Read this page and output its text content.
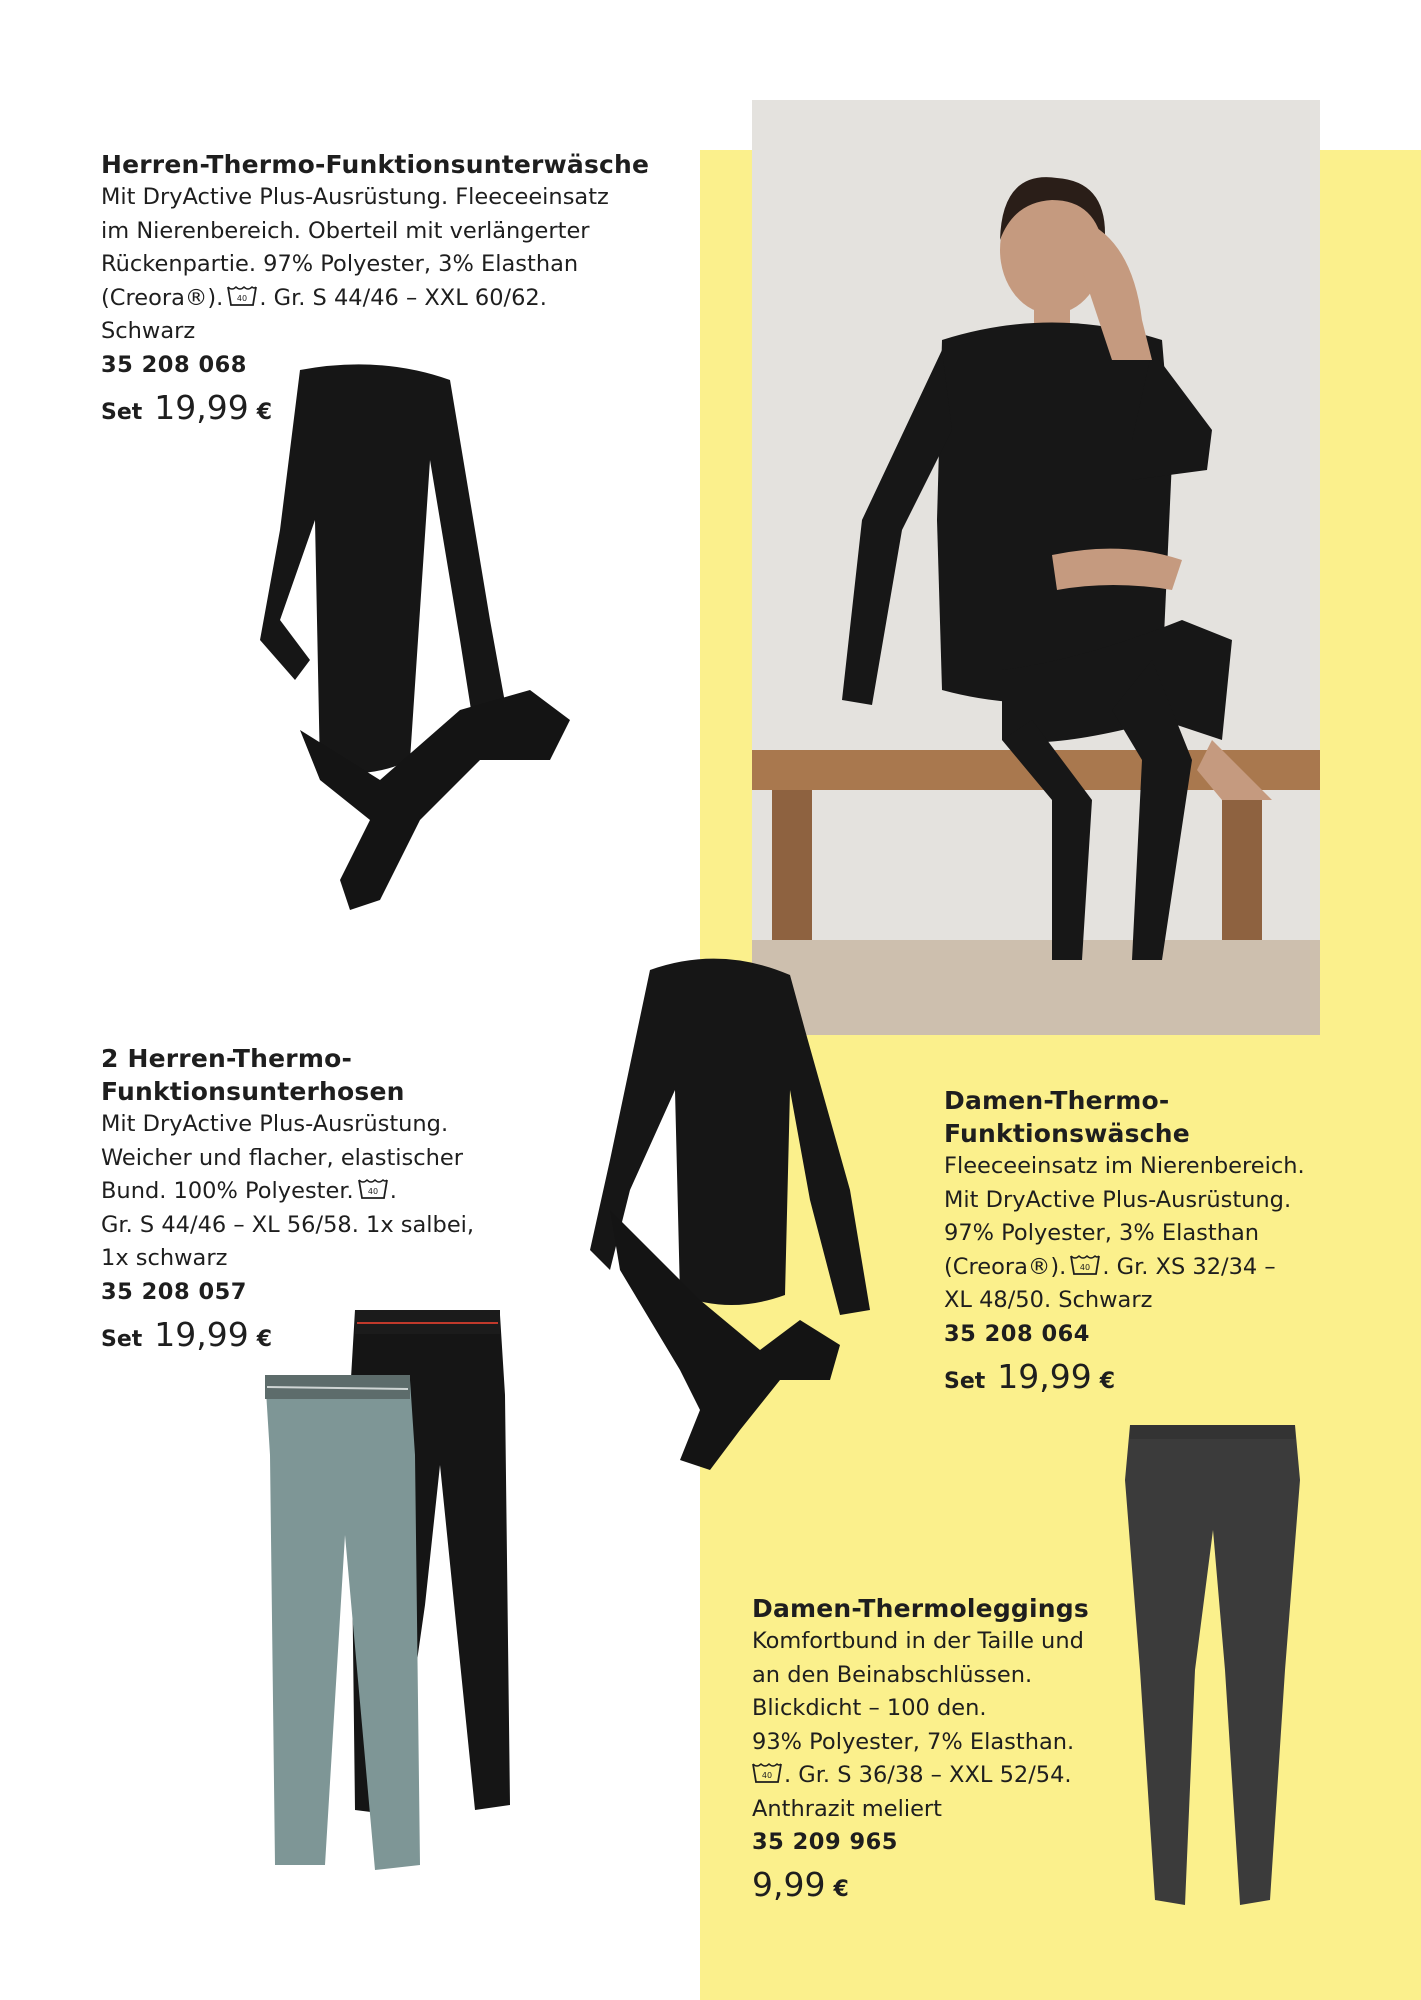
Herren-Thermo-Funktionsunterwäsche
Mit DryActive Plus-Ausrüstung. Fleeceeinsatz
im Nierenbereich. Oberteil mit verlängerter
Rückenpartie. 97% Polyester, 3% Elasthan
(Creora®). 40 . Gr. S 44/46 – XXL 60/62.
Schwarz
35 208 068
Set 19,99 €
2 Herren-Thermo-
Funktionsunterhosen
Mit DryActive Plus-Ausrüstung.
Weicher und flacher, elastischer
Bund. 100% Polyester. 40 .
Gr. S 44/46 – XL 56/58. 1x salbei,
1x schwarz
35 208 057
Set 19,99 €
Damen-Thermo-
Funktionswäsche
Fleeceeinsatz im Nierenbereich.
Mit DryActive Plus-Ausrüstung.
97% Polyester, 3% Elasthan
(Creora®). 40 . Gr. XS 32/34 –
XL 48/50. Schwarz
35 208 064
Set 19,99 €
Damen-Thermoleggings
Komfortbund in der Taille und
an den Beinabschlüssen.
Blickdicht – 100 den.
93% Polyester, 7% Elasthan.
40 . Gr. S 36/38 – XXL 52/54.
Anthrazit meliert
35 209 965
9,99 €
